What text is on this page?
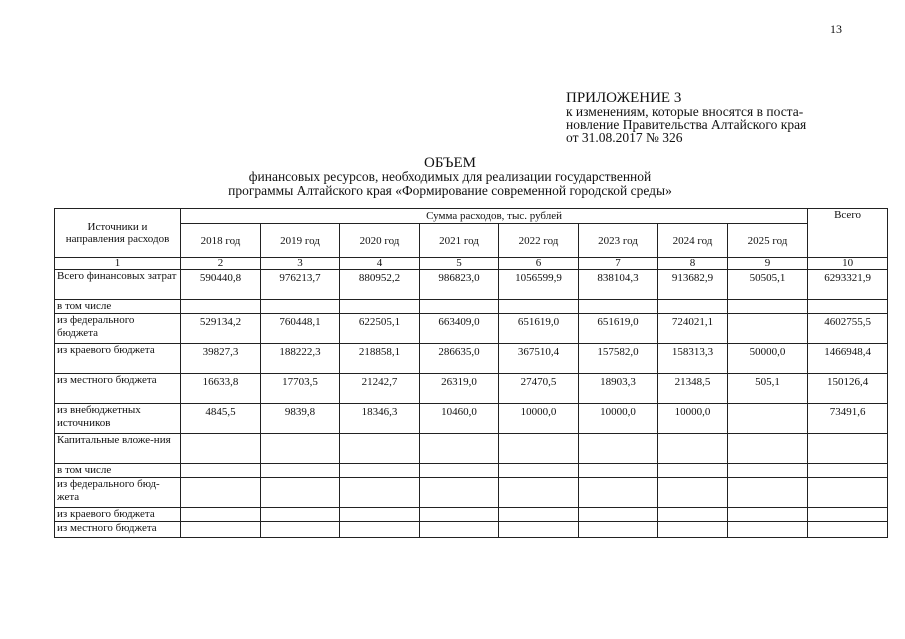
13
ПРИЛОЖЕНИЕ 3
к изменениям, которые вносятся в поста-
новление Правительства Алтайского края
от 31.08.2017 № 326
ОБЪЕМ
финансовых ресурсов, необходимых для реализации государственной
программы Алтайского края «Формирование современной городской среды»
Источники и направления расходов	Сумма расходов, тыс. рублей								Всего
	2018 год	2019 год	2020 год	2021 год	2022 год	2023 год	2024 год	2025 год	
1	2	3	4	5	6	7	8	9	10
Всего финансовых затрат	590440,8	976213,7	880952,2	986823,0	1056599,9	838104,3	913682,9	50505,1	6293321,9
в том числе									
из федерального бюджета	529134,2	760448,1	622505,1	663409,0	651619,0	651619,0	724021,1		4602755,5
из краевого бюджета	39827,3	188222,3	218858,1	286635,0	367510,4	157582,0	158313,3	50000,0	1466948,4
из местного бюджета	16633,8	17703,5	21242,7	26319,0	27470,5	18903,3	21348,5	505,1	150126,4
из внебюджетных источников	4845,5	9839,8	18346,3	10460,0	10000,0	10000,0	10000,0		73491,6
Капитальные вложе-ния									
в том числе									
из федерального бюд-жета									
из краевого бюджета									
из местного бюджета									
